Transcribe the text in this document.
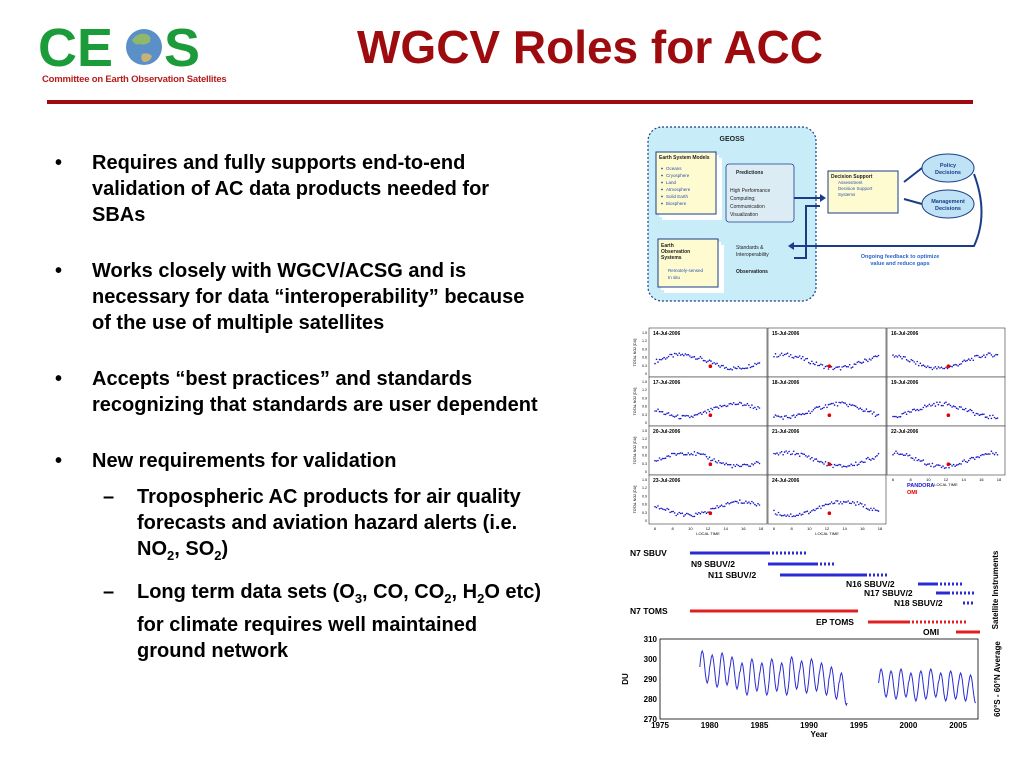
CE S
Committee on Earth Observation Satellites
WGCV Roles for ACC
• Requires and fully supports end-to-end validation of AC data products needed for SBAs
• Works closely with WGCV/ACSG and is necessary for data “interoperability” because of the use of multiple satellites
• Accepts “best practices” and standards recognizing that standards are user dependent
• New requirements for validation
– Tropospheric AC products for air quality forecasts and aviation hazard alerts (i.e. $NO_2$, $SO_2$)
– Long term data sets ($O_3$, CO, $CO_2$, $H_2O$ etc) for climate requires well maintained ground network
GEOSS
Earth System Models
Oceans
Cryosphere
Land
Atmosphere
Solid Earth
Biosphere
Predictions
High Performance
Computing;
Communication
Visualization
Earth
Observation
Systems
Remotely-sensed
In situ
Standards &
Interoperability
Observations
Decision Support
Assessment
Decision Support
Systems
Policy
Decisions
Management
Decisions
Ongoing feedback to optimize
value and reduce gaps
14-Jul-2006
TOTAL NO2 [DU]
1.5
1.2
0.9
0.6
0.3
0
15-Jul-2006	16-Jul-2006
17-Jul-2006
TOTAL NO2 [DU]
1.5
1.2
0.9
0.6
0.3
0
18-Jul-2006	19-Jul-2006
20-Jul-2006
TOTAL NO2 [DU]
1.5
1.2
0.9
0.6
0.3
0
21-Jul-2006	22-Jul-2006
23-Jul-2006
TOTAL NO2 [DU]
1.5
1.2
0.9
0.6
0.3
0
24-Jul-2006
6	8	10	12	14	16	18
LOCAL TIME
6	8	10	12	14	16	18
LOCAL TIME
6	8	10	12	14	16	18
LOCAL TIME
PANDORA
OMI
N7 SBUV
N9 SBUV/2
N11 SBUV/2
N16 SBUV/2
N17 SBUV/2
N18 SBUV/2
N7 TOMS
EP TOMS
OMI
Satellite Instruments
310
300
290
280
270
1975	1980	1985	1990	1995	2000	2005
Year
DU	60°S - 60°N Average
